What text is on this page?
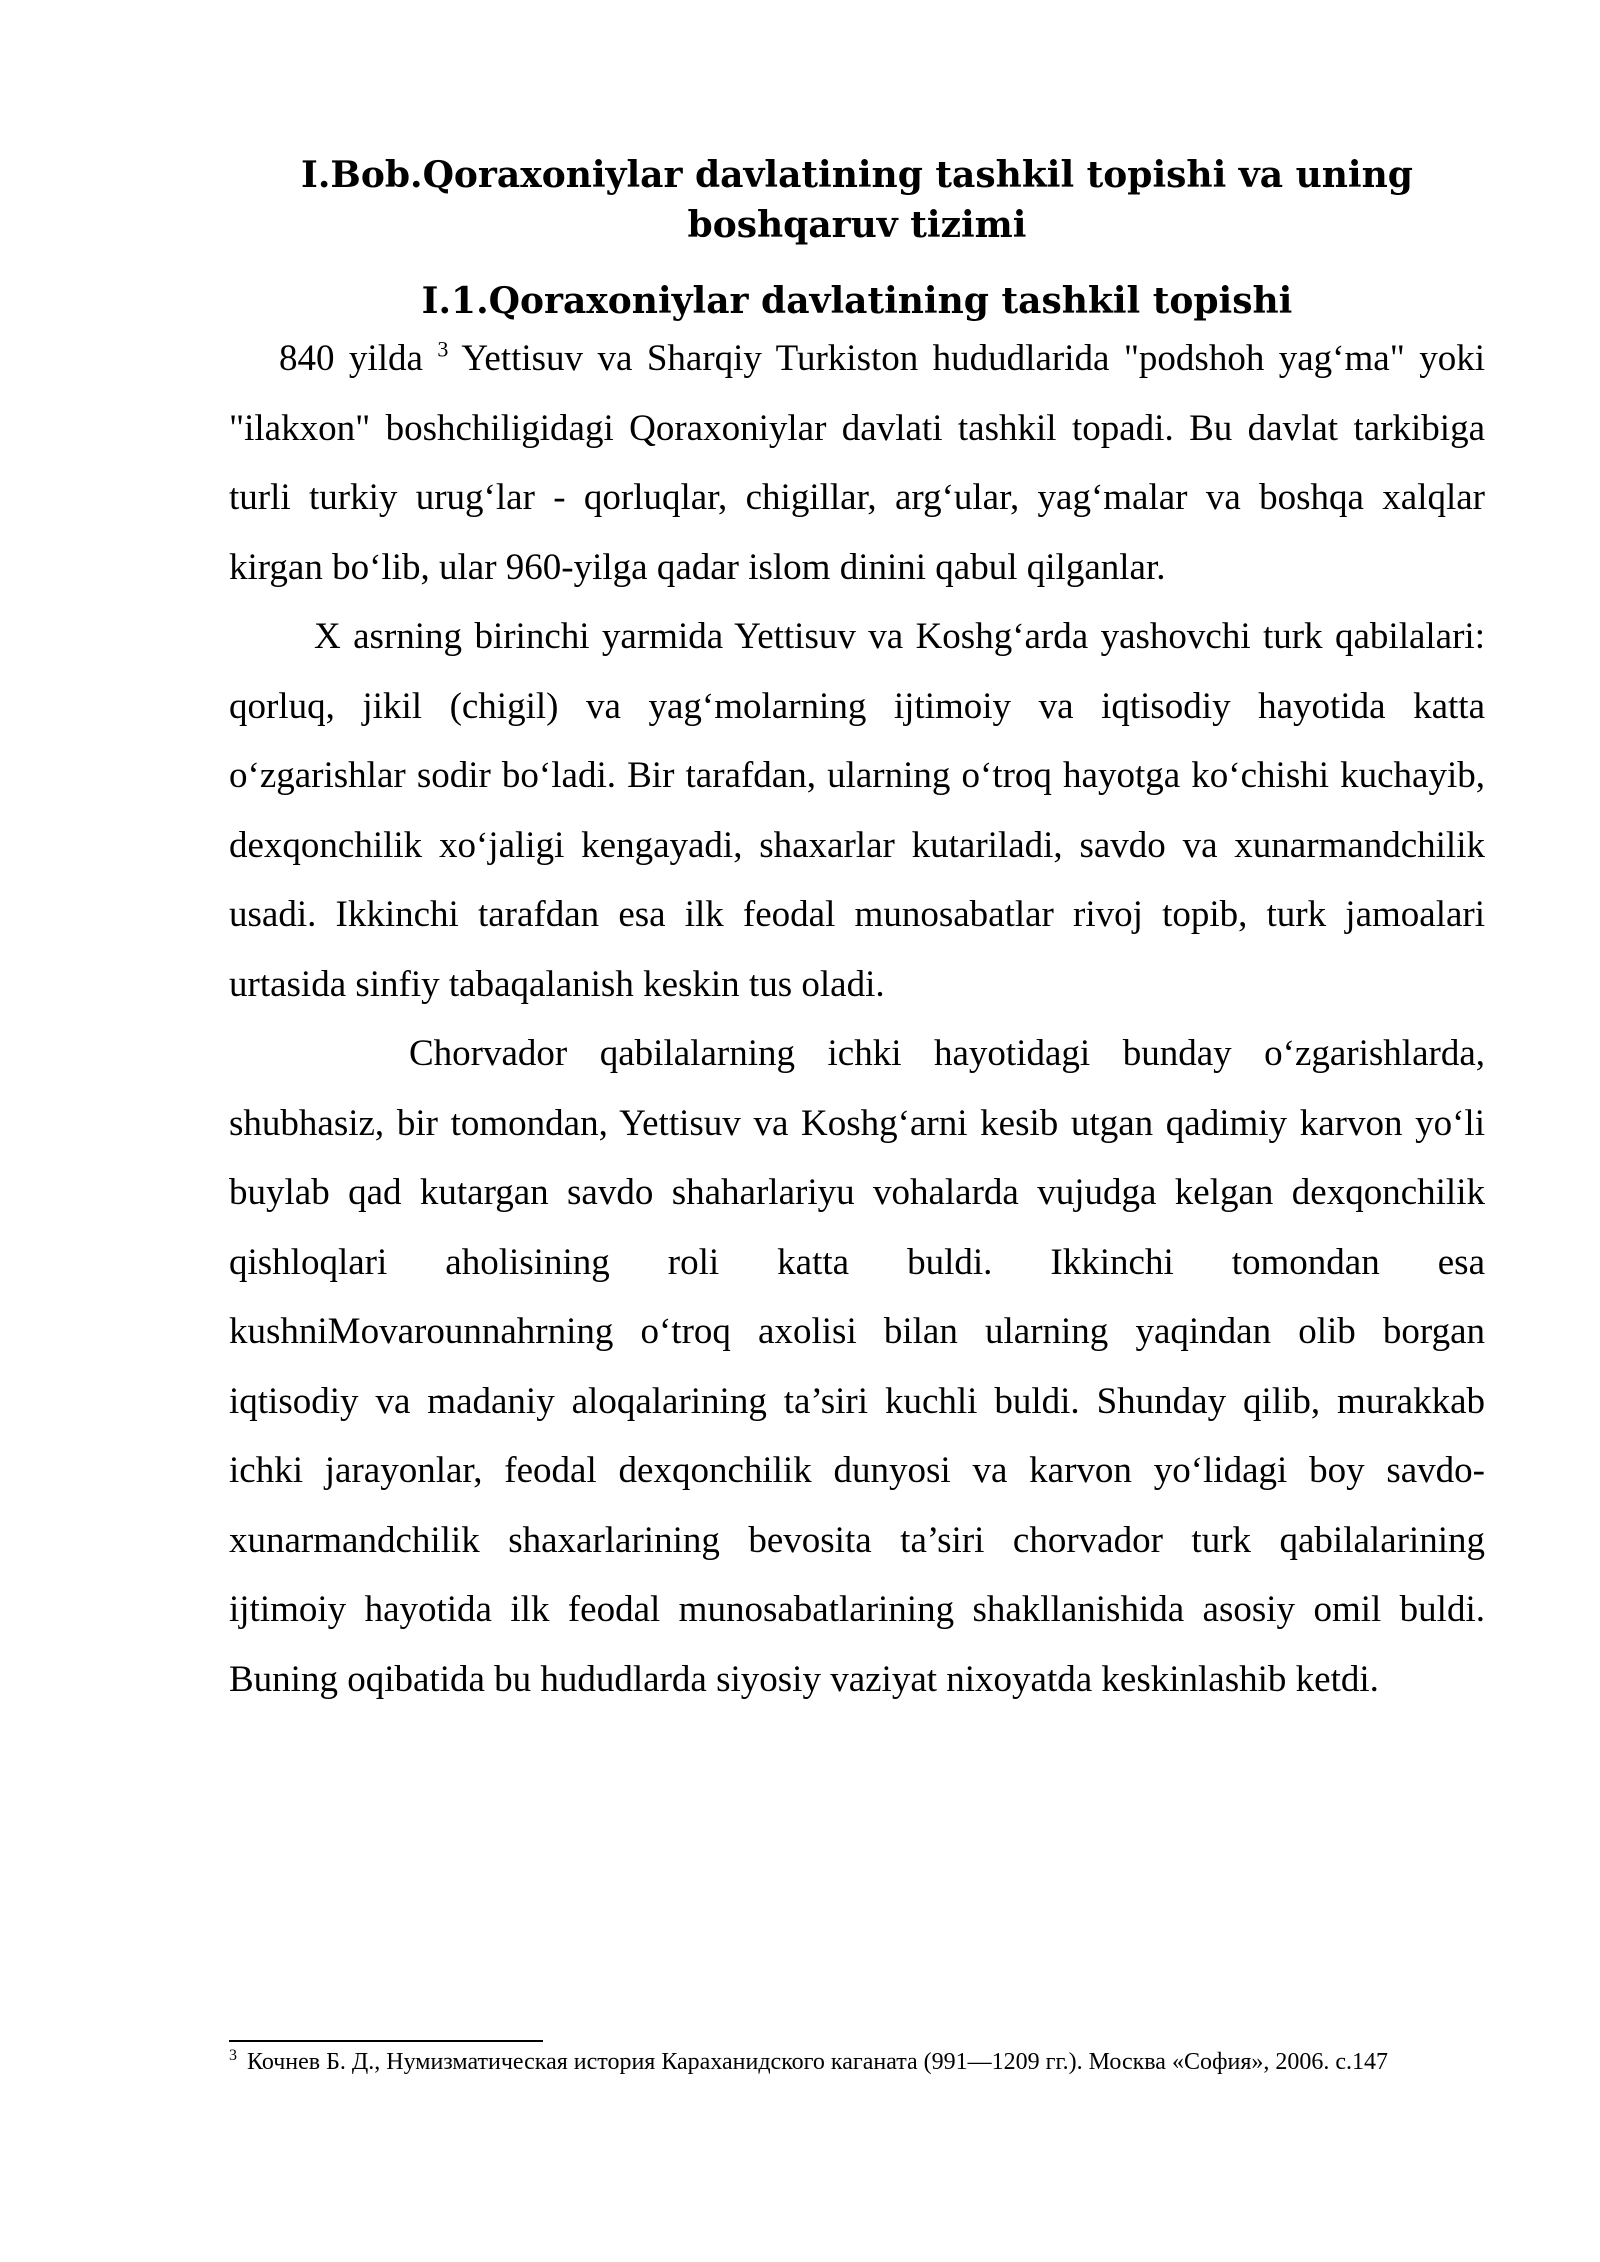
I.Bob.Qoraxoniylar davlatining tashkil topishi va uning boshqaruv tizimi
I.1.Qoraxoniylar davlatining tashkil topishi

840 yilda $^3$ Yettisuv va Sharqiy Turkiston hududlarida "podshoh yag‘ma" yoki "ilakxon" boshchiligidagi Qoraxoniylar davlati tashkil topadi. Bu davlat tarkibiga turli turkiy urug‘lar - qorluqlar, chigillar, arg‘ular, yag‘malar va boshqa xalqlar kirgan bo‘lib, ular 960-yilga qadar islom dinini qabul qilganlar.

X asrning birinchi yarmida Yettisuv va Koshg‘arda yashovchi turk qabilalari: qorluq, jikil (chigil) va yag‘molarning ijtimoiy va iqtisodiy hayotida katta o‘zgarishlar sodir bo‘ladi. Bir tarafdan, ularning o‘troq hayotga ko‘chishi kuchayib, dexqonchilik xo‘jaligi kengayadi, shaxarlar kutariladi, savdo va xunarmandchilik usadi. Ikkinchi tarafdan esa ilk feodal munosabatlar rivoj topib, turk jamoalari urtasida sinfiy tabaqalanish keskin tus oladi.

Chorvador qabilalarning ichki hayotidagi bunday o‘zgarishlarda, shubhasiz, bir tomondan, Yettisuv va Koshg‘arni kesib utgan qadimiy karvon yo‘li buylab qad kutargan savdo shaharlariyu vohalarda vujudga kelgan dexqonchilik qishloqlari aholisining roli katta buldi. Ikkinchi tomondan esa kushniMovarounnahrning o‘troq axolisi bilan ularning yaqindan olib borgan iqtisodiy va madaniy aloqalarining ta’siri kuchli buldi. Shunday qilib, murakkab ichki jarayonlar, feodal dexqonchilik dunyosi va karvon yo‘lidagi boy savdo-xunarmandchilik shaxarlarining bevosita ta’siri chorvador turk qabilalarining ijtimoiy hayotida ilk feodal munosabatlarining shakllanishida asosiy omil buldi. Buning oqibatida bu hududlarda siyosiy vaziyat nixoyatda keskinlashib ketdi.

$^3$ Кочнев Б. Д., Нумизматическая история Караханидского каганата (991—1209 гг.). Москва «София», 2006. с.147
